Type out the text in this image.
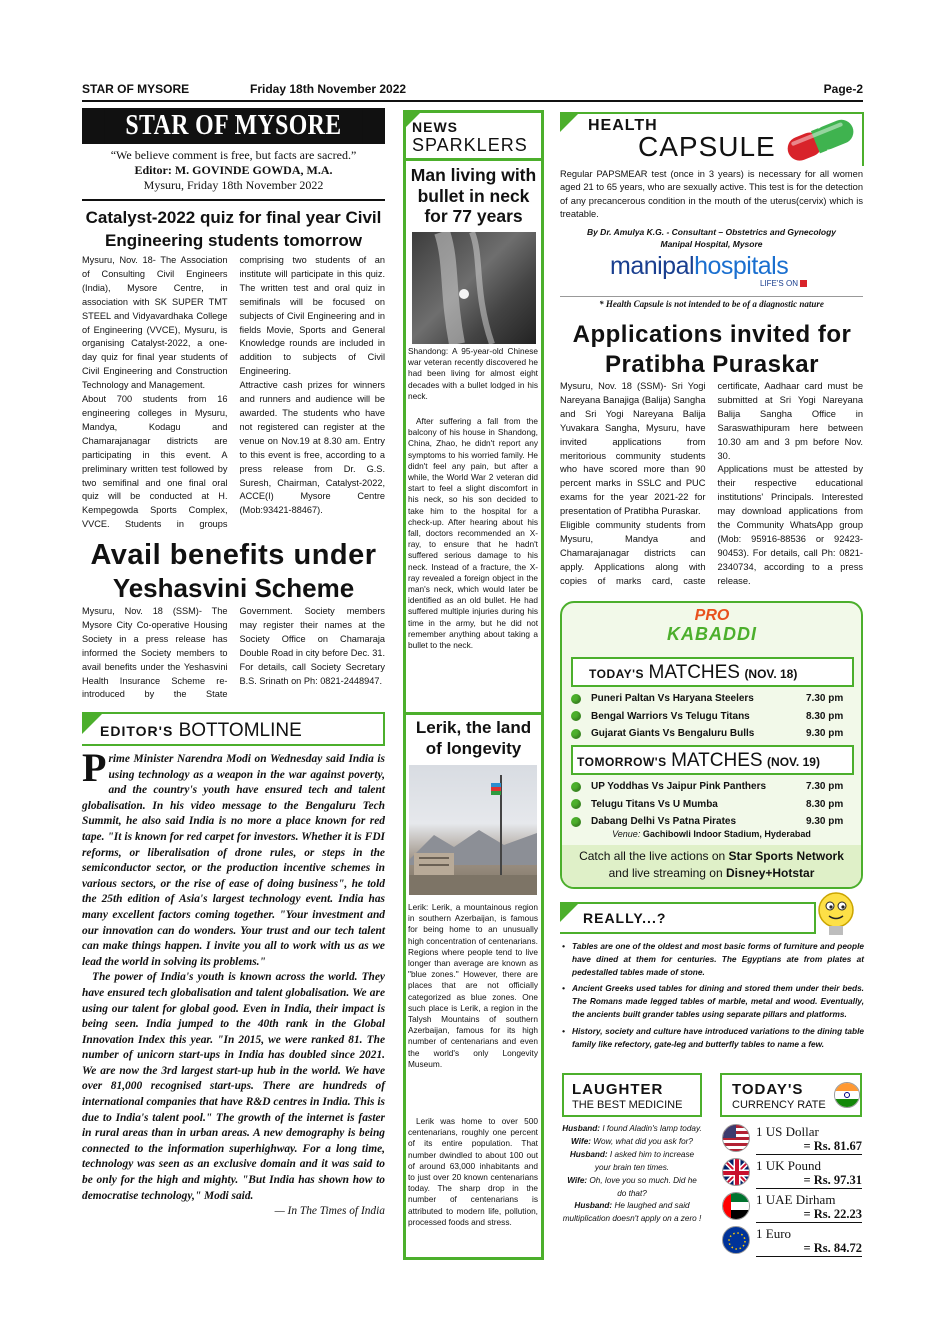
STAR OF MYSORE	Friday 18th November 2022	Page-2
STAR OF MYSORE
“We believe comment is free, but facts are sacred.”
Editor: M. GOVINDE GOWDA, M.A.
Mysuru, Friday 18th November 2022
Catalyst-2022 quiz for final year Civil Engineering students tomorrow
Mysuru, Nov. 18- The Association of Consulting Civil Engineers (India), Mysore Centre, in association with SK SUPER TMT STEEL and Vidyavardhaka College of Engineering (VVCE), Mysuru, is organising Catalyst-2022, a one-day quiz for final year students of Civil Engineering and Construction Technology and Management.
About 700 students from 16 engineering colleges in Mysuru, Mandya, Kodagu and Chamarajanagar districts are participating in this event. A preliminary written test followed by two semifinal and one final oral quiz will be conducted at H. Kempegowda Sports Complex, VVCE. Students in groups comprising two students of an institute will participate in this quiz. The written test and oral quiz in semifinals will be focused on subjects of Civil Engineering and in fields Movie, Sports and General Knowledge rounds are included in addition to subjects of Civil Engineering.
Attractive cash prizes for winners and runners and audience will be awarded. The students who have not registered can register at the venue on Nov.19 at 8.30 am. Entry to this event is free, according to a press release from Dr. G.S. Suresh, Chairman, Catalyst-2022, ACCE(I) Mysore Centre (Mob:93421-88467).
Avail benefits under
Yeshasvini Scheme
Mysuru, Nov. 18 (SSM)- The Mysore City Co-operative Housing Society in a press release has informed the Society members to avail benefits under the Yeshasvini Health Insurance Scheme re-introduced by the State Government. Society members may register their names at the Society Office on Chamaraja Double Road in city before Dec. 31. For details, call Society Secretary B.S. Srinath on Ph: 0821-2448947.
EDITOR'S BOTTOMLINE
P rime Minister Narendra Modi on Wednesday said India is using technology as a weapon in the war against poverty, and the country's youth have ensured tech and talent globalisation. In his video message to the Bengaluru Tech Summit, he also said India is no more a place known for red tape. "It is known for red carpet for investors. Whether it is FDI reforms, or liberalisation of drone rules, or steps in the semiconductor sector, or the production incentive schemes in various sectors, or the rise of ease of doing business", he told the 25th edition of Asia's largest technology event. India has many excellent factors coming together. "Your investment and our innovation can do wonders. Your trust and our tech talent can make things happen. I invite you all to work with us as we lead the world in solving its problems."
The power of India's youth is known across the world. They have ensured tech globalisation and talent globalisation. We are using our talent for global good. Even in India, their impact is being seen. India jumped to the 40th rank in the Global Innovation Index this year. "In 2015, we were ranked 81. The number of unicorn start-ups in India has doubled since 2021. We are now the 3rd largest start-up hub in the world. We have over 81,000 recognised start-ups. There are hundreds of international companies that have R&D centres in India. This is due to India's talent pool." The growth of the internet is faster in rural areas than in urban areas. A new demography is being connected to the information superhighway. For a long time, technology was seen as an exclusive domain and it was said to be only for the high and mighty. "But India has shown how to democratise technology," Modi said.
— In The Times of India
NEWS
SPARKLERS
Man living with bullet in neck for 77 years
Shandong: A 95-year-old Chinese war veteran recently discovered he had been living for almost eight decades with a bullet lodged in his neck.
After suffering a fall from the balcony of his house in Shandong, China, Zhao, he didn't report any symptoms to his worried family. He didn't feel any pain, but after a while, the World War 2 veteran did start to feel a slight discomfort in his neck, so his son decided to take him to the hospital for a check-up. After hearing about his fall, doctors recommended an X-ray, to ensure that he hadn't suffered serious damage to his neck. Instead of a fracture, the X-ray revealed a foreign object in the man's neck, which would later be identified as an old bullet. He had suffered multiple injuries during his time in the army, but he did not remember anything about taking a bullet to the neck.
Lerik, the land of longevity
Lerik: Lerik, a mountainous region in southern Azerbaijan, is famous for being home to an unusually high concentration of centenarians. Regions where people tend to live longer than average are known as "blue zones." However, there are places that are not officially categorized as blue zones. One such place is Lerik, a region in the Talysh Mountains of southern Azerbaijan, famous for its high number of centenarians and even the world's only Longevity Museum.
Lerik was home to over 500 centenarians, roughly one percent of its entire population. That number dwindled to about 100 out of around 63,000 inhabitants and to just over 20 known centenarians today. The sharp drop in the number of centenarians is attributed to modern life, pollution, processed foods and stress.
HEALTH
CAPSULE
Regular PAPSMEAR test (once in 3 years) is necessary for all women aged 21 to 65 years, who are sexually active. This test is for the detection of any precancerous condition in the mouth of the uterus(cervix) which is treatable.
By Dr. Amulya K.G. - Consultant – Obstetrics and Gynecology
Manipal Hospital, Mysore
manipalhospitals
LIFE'S ON
* Health Capsule is not intended to be of a diagnostic nature
Applications invited for
Pratibha Puraskar
Mysuru, Nov. 18 (SSM)- Sri Yogi Nareyana Banajiga (Balija) Sangha and Sri Yogi Nareyana Balija Yuvakara Sangha, Mysuru, have invited applications from meritorious community students who have scored more than 90 percent marks in SSLC and PUC exams for the year 2021-22 for presentation of Pratibha Puraskar.
Eligible community students from Mysuru, Mandya and Chamarajanagar districts can apply. Applications along with copies of marks card, caste certificate, Aadhaar card must be submitted at Sri Yogi Nareyana Balija Sangha Office in Saraswathipuram here between 10.30 am and 3 pm before Nov. 30.
Applications must be attested by their respective educational institutions' Principals. Interested may download applications from the Community WhatsApp group (Mob: 95916-88536 or 92423-90453). For details, call Ph: 0821-2340734, according to a press release.
PRO
KABADDI
TODAY'S MATCHES (NOV. 18)
Puneri Paltan Vs Haryana Steelers	7.30 pm
Bengal Warriors Vs Telugu Titans	8.30 pm
Gujarat Giants Vs Bengaluru Bulls	9.30 pm
TOMORROW'S MATCHES (NOV. 19)
UP Yoddhas Vs Jaipur Pink Panthers	7.30 pm
Telugu Titans Vs U Mumba	8.30 pm
Dabang Delhi Vs Patna Pirates	9.30 pm
Venue: Gachibowli Indoor Stadium, Hyderabad
Catch all the live actions on Star Sports Network
and live streaming on Disney+Hotstar
REALLY...?
• Tables are one of the oldest and most basic forms of furniture and people have dined at them for centuries. The Egyptians ate from plates at pedestalled tables made of stone.
• Ancient Greeks used tables for dining and stored them under their beds. The Romans made legged tables of marble, metal and wood. Eventually, the ancients built grander tables using separate pillars and platforms.
• History, society and culture have introduced variations to the dining table family like refectory, gate-leg and butterfly tables to name a few.
LAUGHTER
THE BEST MEDICINE
Husband: I found Aladin's lamp today.
Wife: Wow, what did you ask for?
Husband: I asked him to increase your brain ten times.
Wife: Oh, love you so much. Did he do that?
Husband: He laughed and said multiplication doesn't apply on a zero !
TODAY'S
CURRENCY RATE
1 US Dollar
= Rs. 81.67
1 UK Pound
= Rs. 97.31
1 UAE Dirham
= Rs. 22.23
1 Euro
= Rs. 84.72
